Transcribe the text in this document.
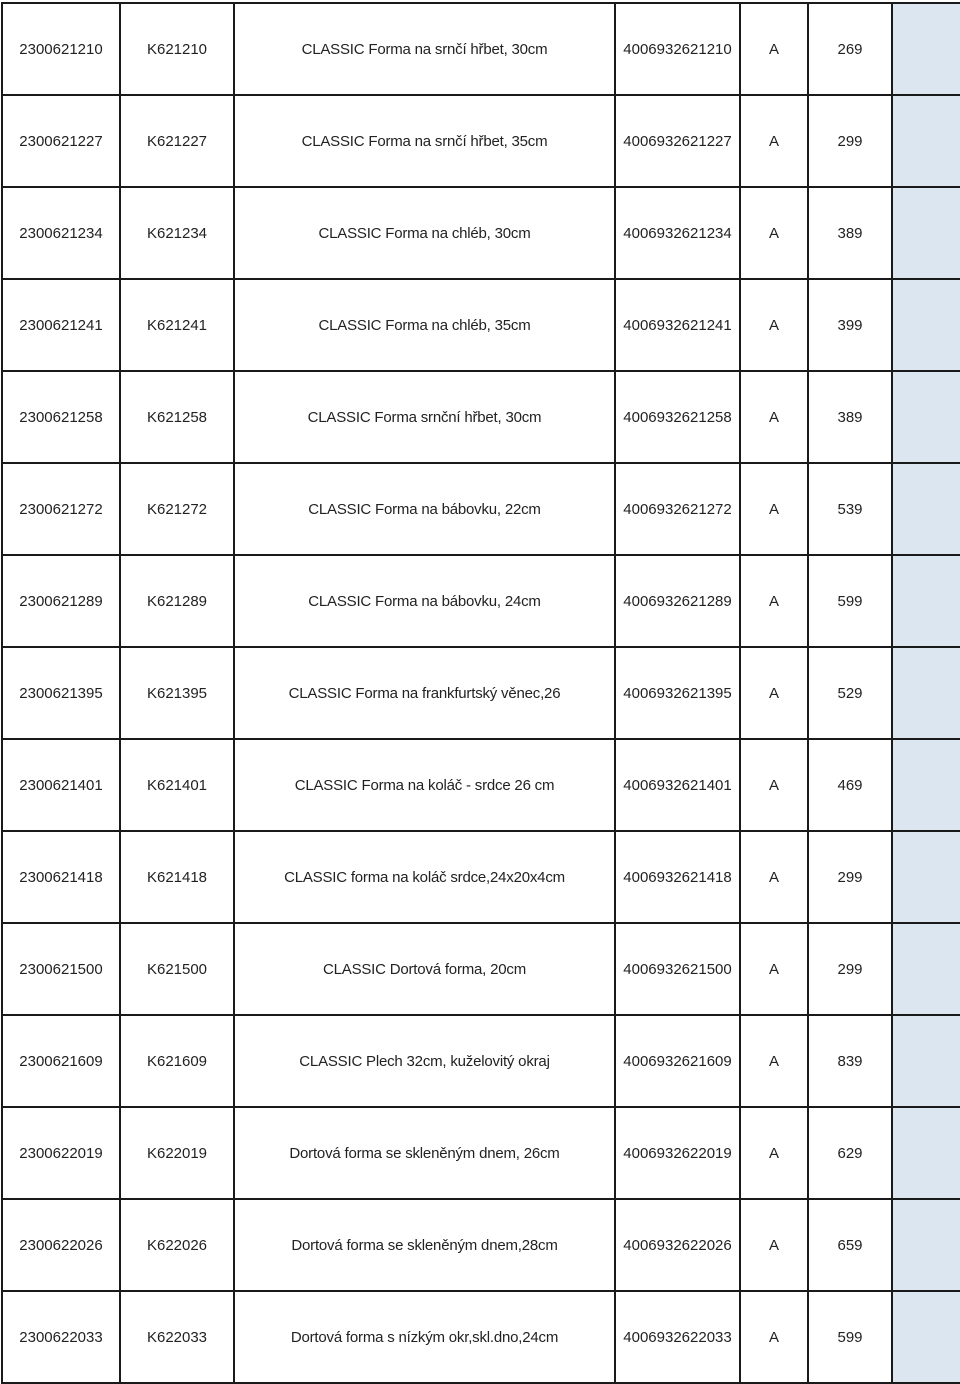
2300621210	K621210	CLASSIC Forma na srnčí hřbet, 30cm	4006932621210	A	269	
2300621227	K621227	CLASSIC Forma na srnčí hřbet, 35cm	4006932621227	A	299	
2300621234	K621234	CLASSIC Forma na chléb, 30cm	4006932621234	A	389	
2300621241	K621241	CLASSIC Forma na chléb, 35cm	4006932621241	A	399	
2300621258	K621258	CLASSIC Forma srnční hřbet, 30cm	4006932621258	A	389	
2300621272	K621272	CLASSIC Forma na bábovku, 22cm	4006932621272	A	539	
2300621289	K621289	CLASSIC Forma na bábovku, 24cm	4006932621289	A	599	
2300621395	K621395	CLASSIC Forma na frankfurtský věnec,26	4006932621395	A	529	
2300621401	K621401	CLASSIC Forma na koláč - srdce 26 cm	4006932621401	A	469	
2300621418	K621418	CLASSIC forma na koláč srdce,24x20x4cm	4006932621418	A	299	
2300621500	K621500	CLASSIC Dortová forma, 20cm	4006932621500	A	299	
2300621609	K621609	CLASSIC Plech 32cm, kuželovitý okraj	4006932621609	A	839	
2300622019	K622019	Dortová forma se skleněným dnem, 26cm	4006932622019	A	629	
2300622026	K622026	Dortová forma se skleněným dnem,28cm	4006932622026	A	659	
2300622033	K622033	Dortová forma s nízkým okr,skl.dno,24cm	4006932622033	A	599	
